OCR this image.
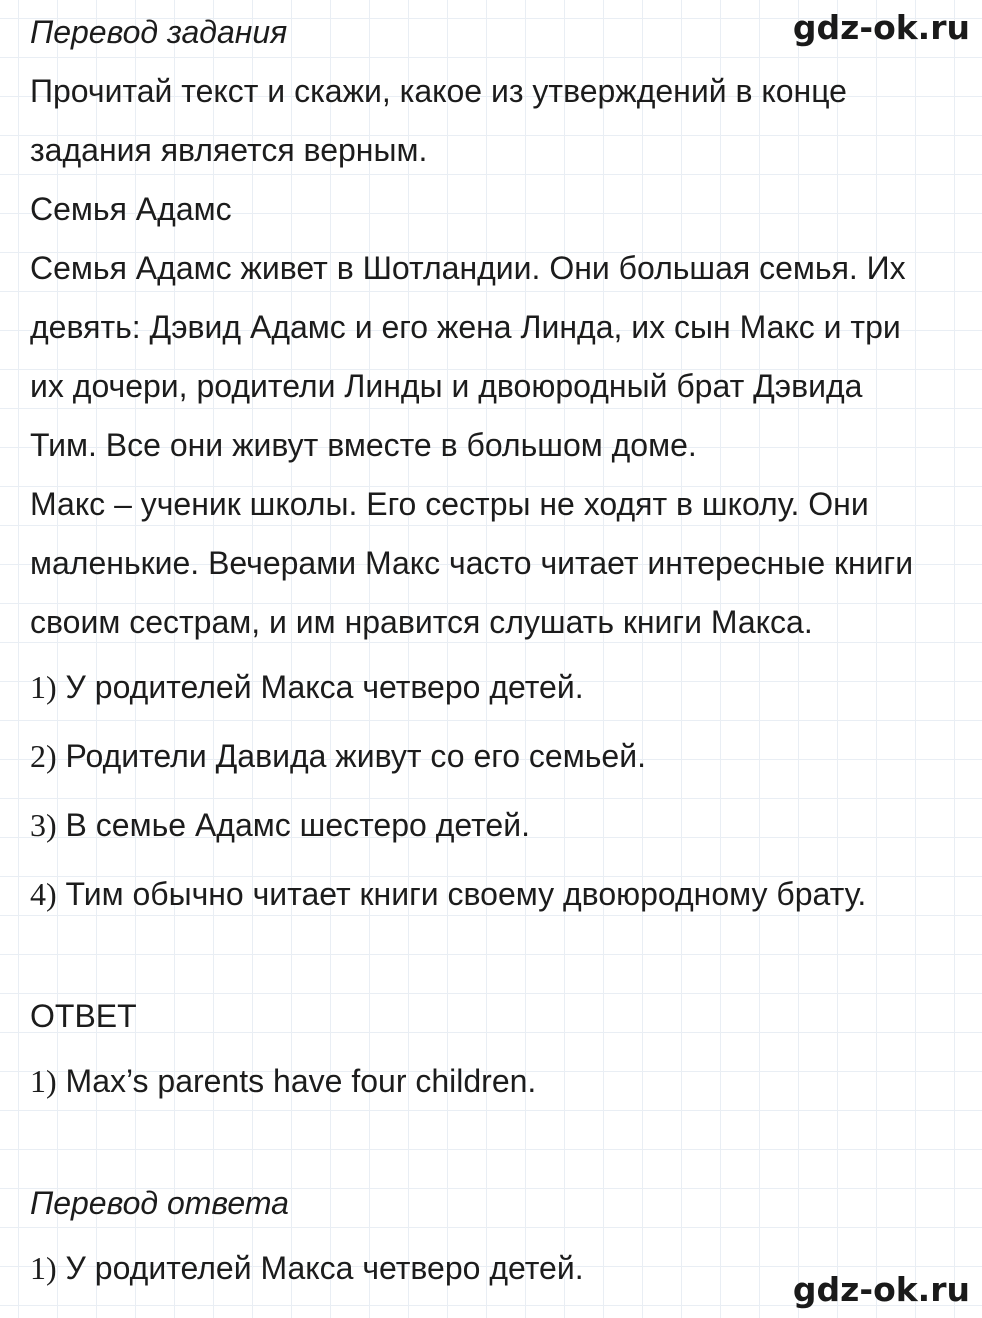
gdz-ok.ru
Перевод задания
Прочитай текст и скажи, какое из утверждений в конце
задания является верным.
Семья Адамс
Семья Адамс живет в Шотландии. Они большая семья. Их
девять: Дэвид Адамс и его жена Линда, их сын Макс и три
их дочери, родители Линды и двоюродный брат Дэвида
Тим. Все они живут вместе в большом доме.
Макс – ученик школы. Его сестры не ходят в школу. Они
маленькие. Вечерами Макс часто читает интересные книги
своим сестрам, и им нравится слушать книги Макса.
1) У родителей Макса четверо детей.
2) Родители Давида живут со его семьей.
3) В семье Адамс шестеро детей.
4) Тим обычно читает книги своему двоюродному брату.
ОТВЕТ
1) Max’s parents have four children.
Перевод ответа
1) У родителей Макса четверо детей.
gdz-ok.ru
